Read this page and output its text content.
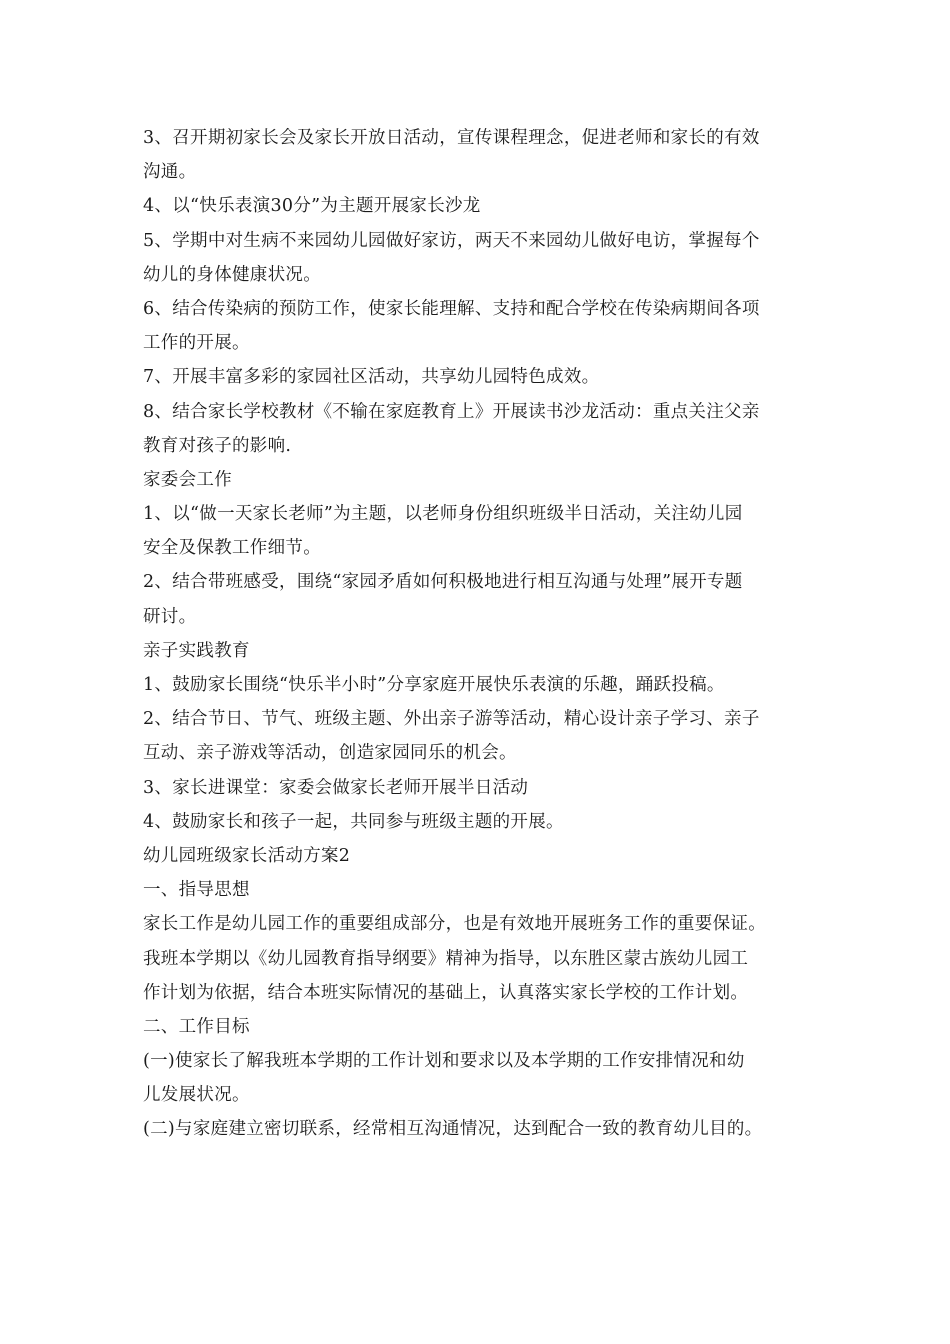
3、召开期初家长会及家长开放日活动，宣传课程理念，促进老师和家长的有效
沟通。
4、以“快乐表演30分”为主题开展家长沙龙
5、学期中对生病不来园幼儿园做好家访，两天不来园幼儿做好电访，掌握每个
幼儿的身体健康状况。
6、结合传染病的预防工作，使家长能理解、支持和配合学校在传染病期间各项
工作的开展。
7、开展丰富多彩的家园社区活动，共享幼儿园特色成效。
8、结合家长学校教材《不输在家庭教育上》开展读书沙龙活动：重点关注父亲
教育对孩子的影响.
家委会工作
1、以“做一天家长老师”为主题，以老师身份组织班级半日活动，关注幼儿园
安全及保教工作细节。
2、结合带班感受，围绕“家园矛盾如何积极地进行相互沟通与处理”展开专题
研讨。
亲子实践教育
1、鼓励家长围绕“快乐半小时”分享家庭开展快乐表演的乐趣，踊跃投稿。
2、结合节日、节气、班级主题、外出亲子游等活动，精心设计亲子学习、亲子
互动、亲子游戏等活动，创造家园同乐的机会。
3、家长进课堂：家委会做家长老师开展半日活动
4、鼓励家长和孩子一起，共同参与班级主题的开展。
幼儿园班级家长活动方案2
一、指导思想
家长工作是幼儿园工作的重要组成部分，也是有效地开展班务工作的重要保证。
我班本学期以《幼儿园教育指导纲要》精神为指导，以东胜区蒙古族幼儿园工
作计划为依据，结合本班实际情况的基础上，认真落实家长学校的工作计划。
二、工作目标
(一)使家长了解我班本学期的工作计划和要求以及本学期的工作安排情况和幼
儿发展状况。
(二)与家庭建立密切联系，经常相互沟通情况，达到配合一致的教育幼儿目的。
